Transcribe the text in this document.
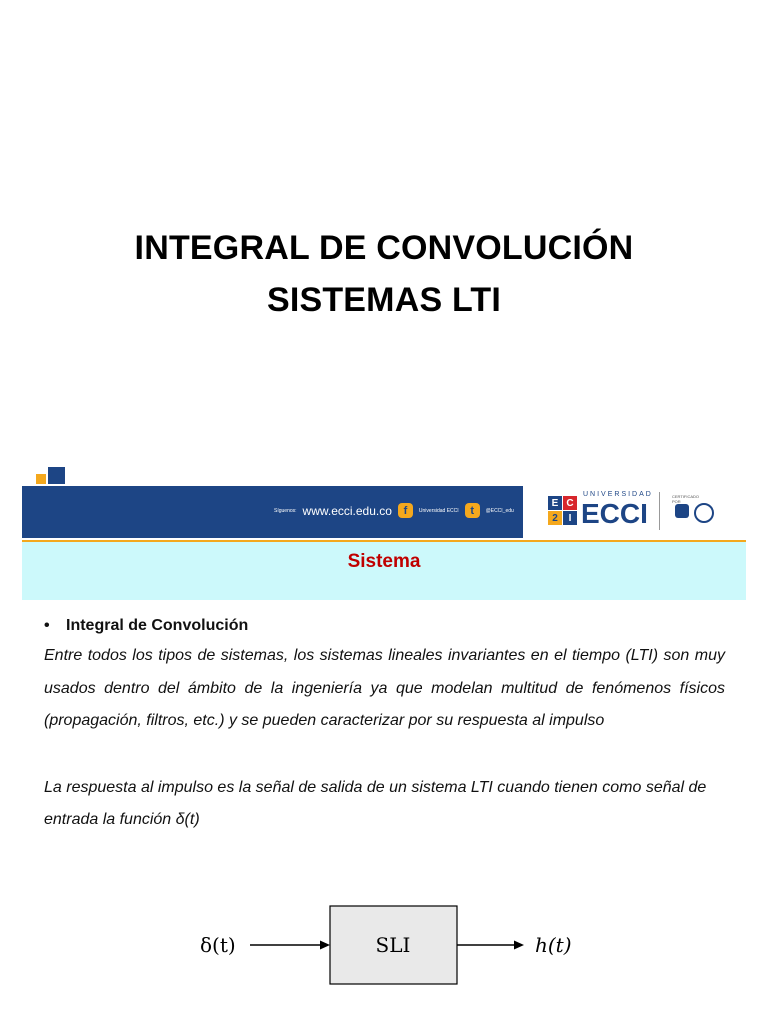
INTEGRAL DE CONVOLUCIÓN
SISTEMAS LTI
Síguenos: www.ecci.edu.co	f	Universidad ECCI	t	@ECCI_edu
E C
2	I
UNIVERSIDAD
ECCI
CERTIFICADO POR
Sistema
• Integral de Convolución

Entre todos los tipos de sistemas, los sistemas lineales invariantes en el tiempo (LTI) son muy usados dentro del ámbito de la ingeniería ya que modelan multitud de fenómenos físicos (propagación, filtros, etc.) y se pueden caracterizar por su respuesta al impulso

La respuesta al impulso es la señal de salida de un sistema LTI cuando tienen como señal de entrada la función δ(t)

δ(t)	SLI	h(t)
